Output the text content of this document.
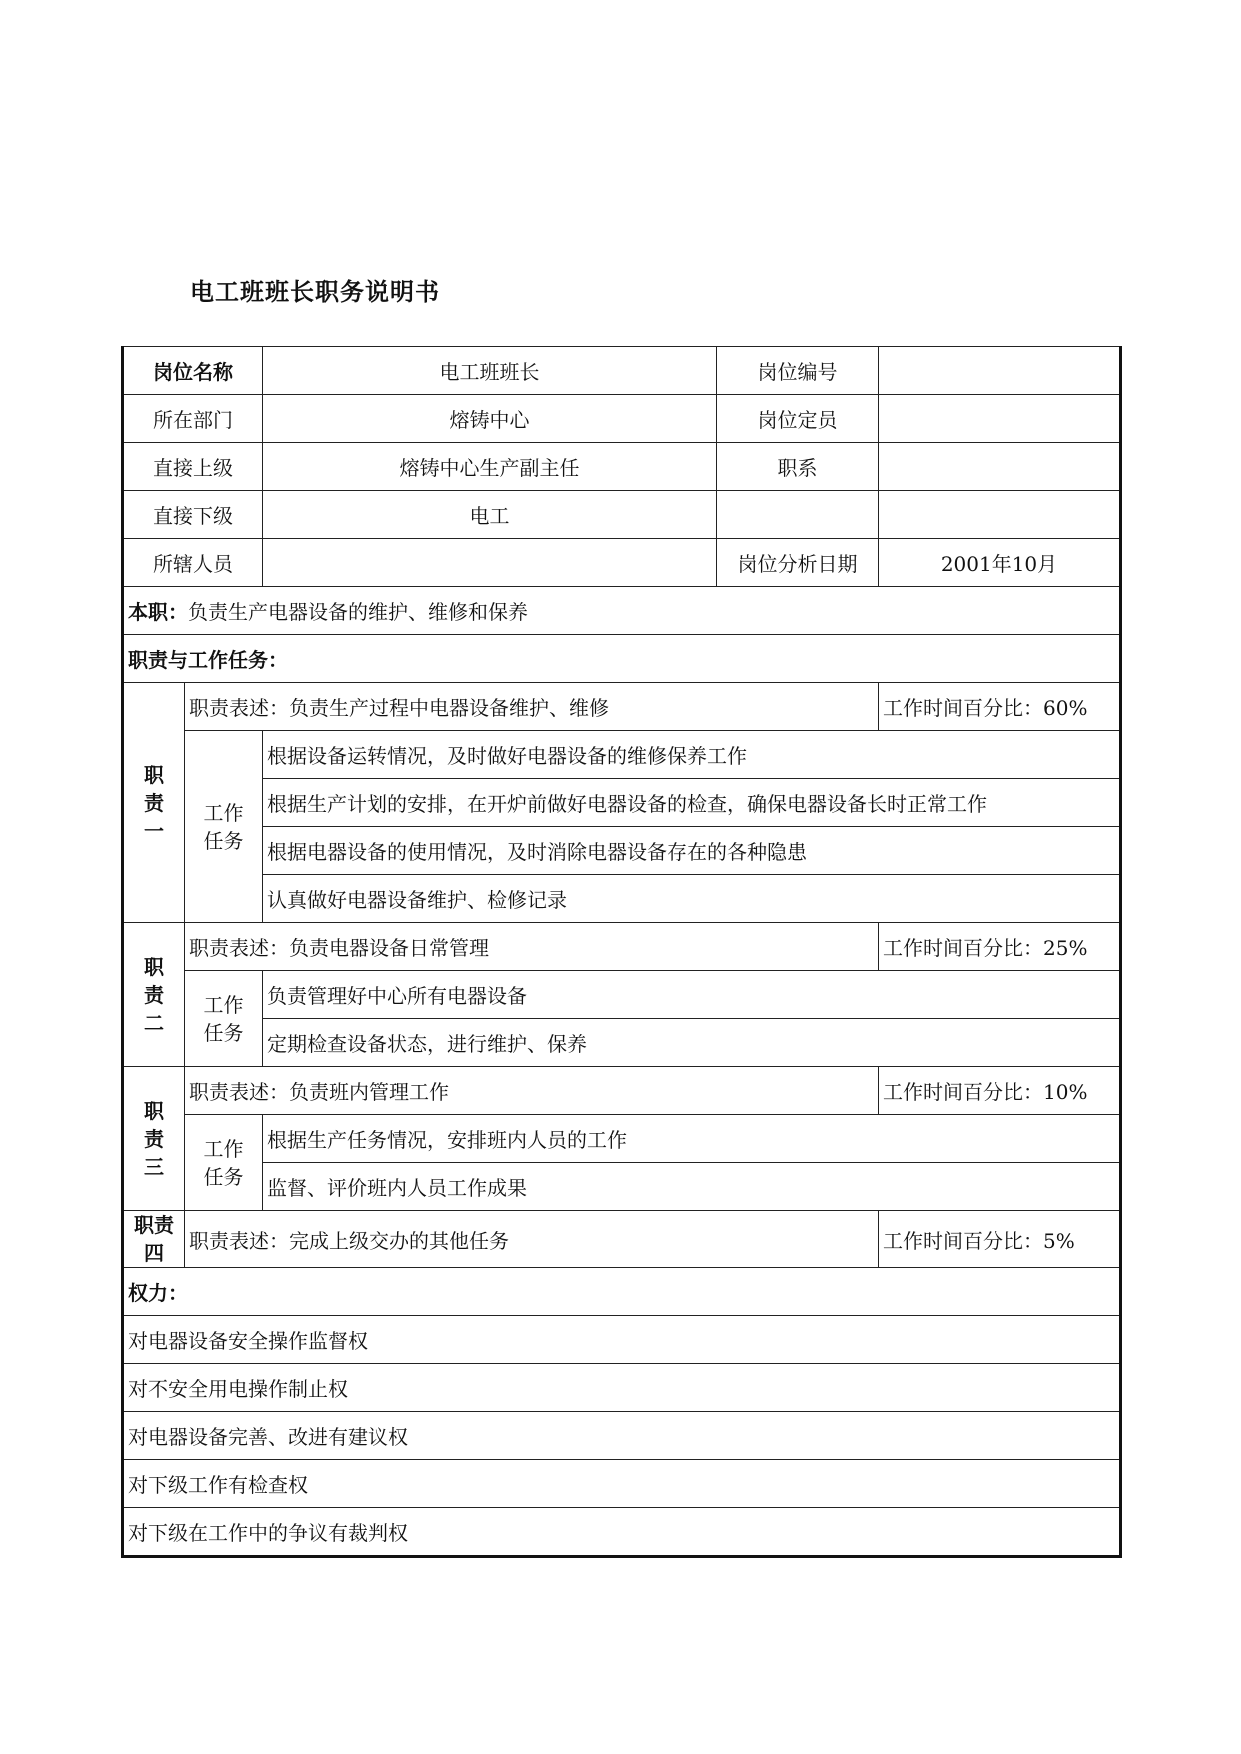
电工班班长职务说明书
岗位名称		电工班班长	岗位编号	
所在部门		熔铸中心	岗位定员	
直接上级		熔铸中心生产副主任	职系	
直接下级		电工		
所辖人员			岗位分析日期	2001年10月
本职：负责生产电器设备的维护、维修和保养				
职责与工作任务：				
职
责
一	职责表述：负责生产过程中电器设备维护、维修			工作时间百分比：60%
	工作
任务	根据设备运转情况，及时做好电器设备的维修保养工作		
		根据生产计划的安排，在开炉前做好电器设备的检查，确保电器设备长时正常工作		
		根据电器设备的使用情况，及时消除电器设备存在的各种隐患		
		认真做好电器设备维护、检修记录		
职
责
二	职责表述：负责电器设备日常管理			工作时间百分比：25%
	工作
任务	负责管理好中心所有电器设备		
		定期检查设备状态，进行维护、保养		
职
责
三	职责表述：负责班内管理工作			工作时间百分比：10%
	工作
任务	根据生产任务情况，安排班内人员的工作		
		监督、评价班内人员工作成果		
职责
四	职责表述：完成上级交办的其他任务			工作时间百分比：5%
权力：				
对电器设备安全操作监督权				
对不安全用电操作制止权				
对电器设备完善、改进有建议权				
对下级工作有检查权				
对下级在工作中的争议有裁判权				
